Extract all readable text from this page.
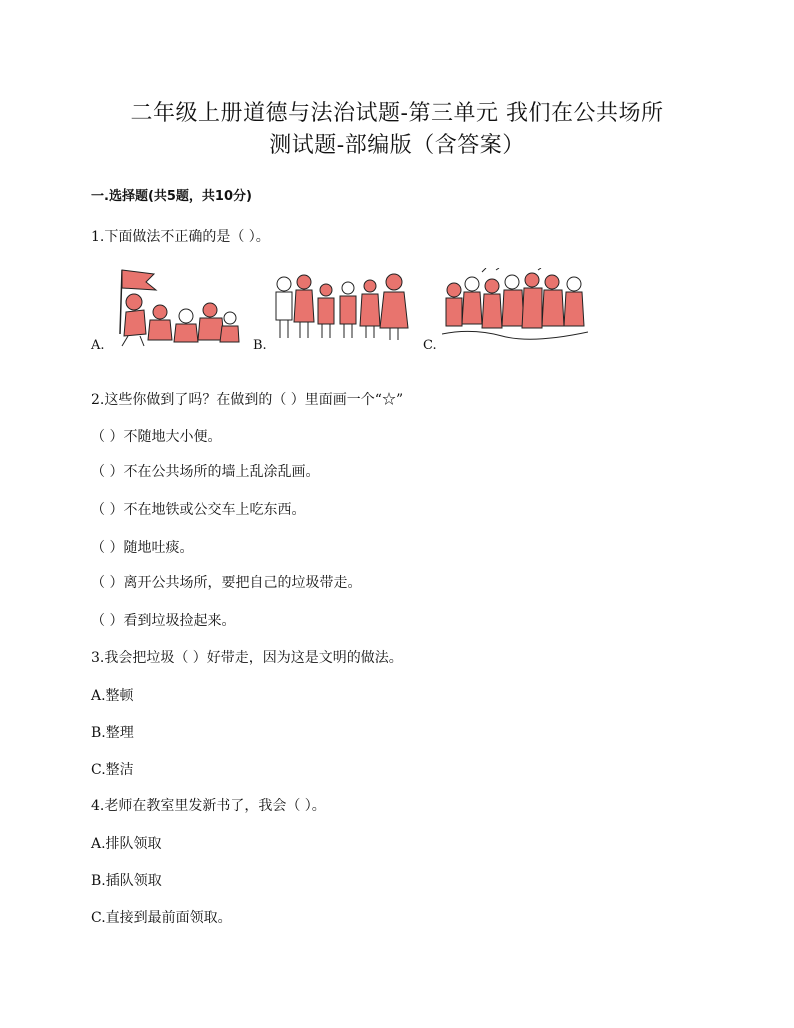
二年级上册道德与法治试题-第三单元 我们在公共场所
测试题-部编版（含答案）
一.选择题(共5题，共10分)
1.下面做法不正确的是（ ）。
A.	B.	C.
2.这些你做到了吗？在做到的（ ）里面画一个“☆”
（ ）不随地大小便。
（ ）不在公共场所的墙上乱涂乱画。
（ ）不在地铁或公交车上吃东西。
（ ）随地吐痰。
（ ）离开公共场所，要把自己的垃圾带走。
（ ）看到垃圾捡起来。
3.我会把垃圾（ ）好带走，因为这是文明的做法。
A.整顿
B.整理
C.整洁
4.老师在教室里发新书了，我会（ ）。
A.排队领取
B.插队领取
C.直接到最前面领取。
